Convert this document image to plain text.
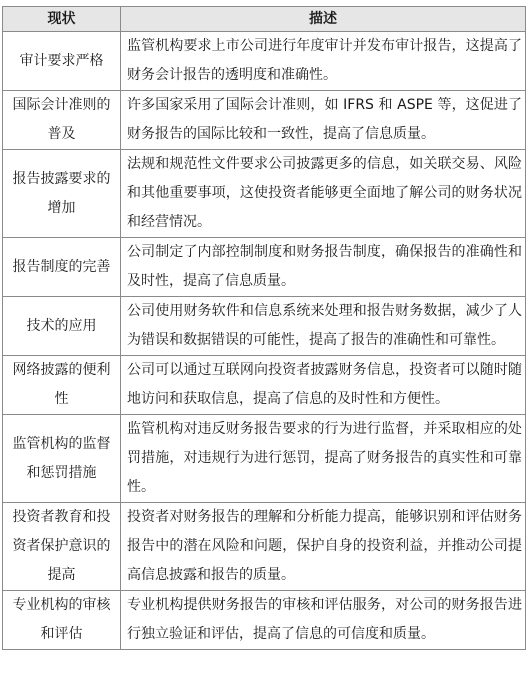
现状	描述
审计要求严格	监管机构要求上市公司进行年度审计并发布审计报告，这提高了财务会计报告的透明度和准确性。
国际会计准则的普及	许多国家采用了国际会计准则，如 IFRS 和 ASPE 等，这促进了财务报告的国际比较和一致性，提高了信息质量。
报告披露要求的增加	法规和规范性文件要求公司披露更多的信息，如关联交易、风险和其他重要事项，这使投资者能够更全面地了解公司的财务状况和经营情况。
报告制度的完善	公司制定了内部控制制度和财务报告制度，确保报告的准确性和及时性，提高了信息质量。
技术的应用	公司使用财务软件和信息系统来处理和报告财务数据，减少了人为错误和数据错误的可能性，提高了报告的准确性和可靠性。
网络披露的便利性	公司可以通过互联网向投资者披露财务信息，投资者可以随时随地访问和获取信息，提高了信息的及时性和方便性。
监管机构的监督和惩罚措施	监管机构对违反财务报告要求的行为进行监督，并采取相应的处罚措施，对违规行为进行惩罚，提高了财务报告的真实性和可靠性。
投资者教育和投资者保护意识的提高	投资者对财务报告的理解和分析能力提高，能够识别和评估财务报告中的潜在风险和问题，保护自身的投资利益，并推动公司提高信息披露和报告的质量。
专业机构的审核和评估	专业机构提供财务报告的审核和评估服务，对公司的财务报告进行独立验证和评估，提高了信息的可信度和质量。
